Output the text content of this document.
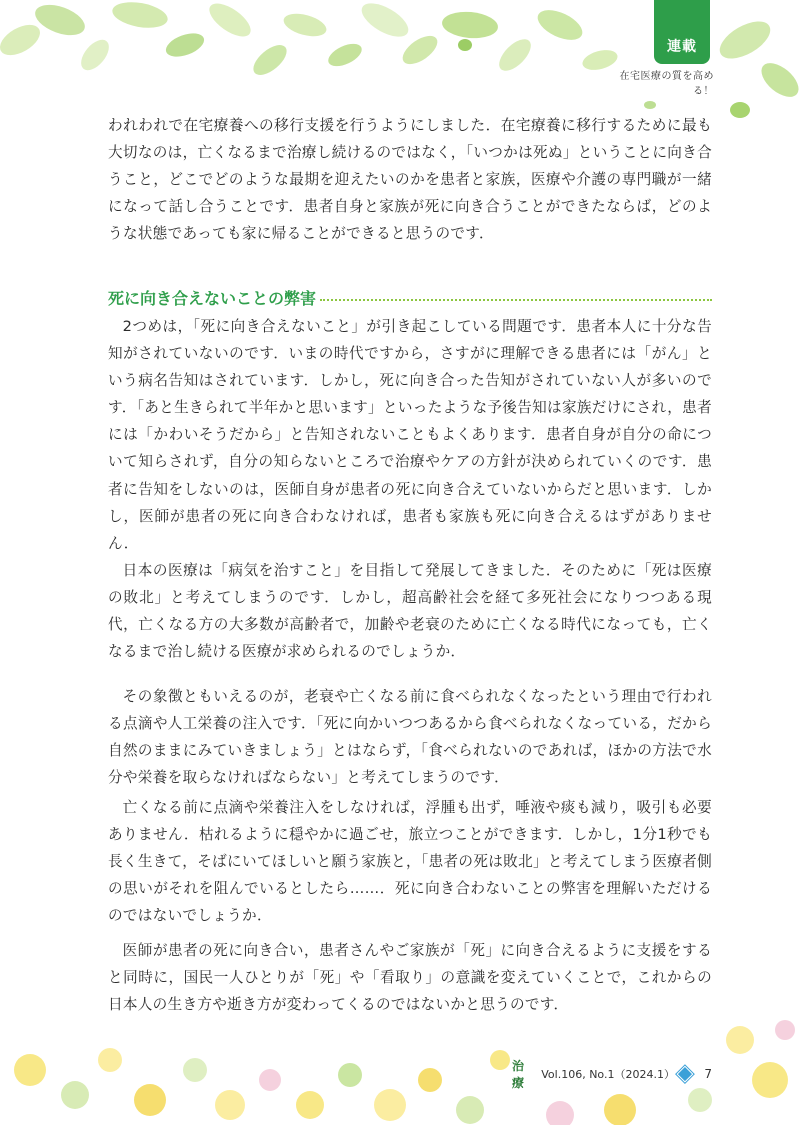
連載
在宅医療の質を高める！

われわれで在宅療養への移行支援を行うようにしました．在宅療養に移行するために最も大切なのは，亡くなるまで治療し続けるのではなく，「いつかは死ぬ」ということに向き合うこと，どこでどのような最期を迎えたいのかを患者と家族，医療や介護の専門職が一緒になって話し合うことです．患者自身と家族が死に向き合うことができたならば，どのような状態であっても家に帰ることができると思うのです．

死に向き合えないことの弊害

2つめは，「死に向き合えないこと」が引き起こしている問題です．患者本人に十分な告知がされていないのです．いまの時代ですから，さすがに理解できる患者には「がん」という病名告知はされています．しかし，死に向き合った告知がされていない人が多いのです．「あと生きられて半年かと思います」といったような予後告知は家族だけにされ，患者には「かわいそうだから」と告知されないこともよくあります．患者自身が自分の命について知らされず，自分の知らないところで治療やケアの方針が決められていくのです．患者に告知をしないのは，医師自身が患者の死に向き合えていないからだと思います．しかし，医師が患者の死に向き合わなければ，患者も家族も死に向き合えるはずがありません．

日本の医療は「病気を治すこと」を目指して発展してきました．そのために「死は医療の敗北」と考えてしまうのです．しかし，超高齢社会を経て多死社会になりつつある現代，亡くなる方の大多数が高齢者で，加齢や老衰のために亡くなる時代になっても，亡くなるまで治し続ける医療が求められるのでしょうか．

その象徴ともいえるのが，老衰や亡くなる前に食べられなくなったという理由で行われる点滴や人工栄養の注入です．「死に向かいつつあるから食べられなくなっている，だから自然のままにみていきましょう」とはならず，「食べられないのであれば，ほかの方法で水分や栄養を取らなければならない」と考えてしまうのです．

亡くなる前に点滴や栄養注入をしなければ，浮腫も出ず，唾液や痰も減り，吸引も必要ありません．枯れるように穏やかに過ごせ，旅立つことができます．しかし，1分1秒でも長く生きて，そばにいてほしいと願う家族と，「患者の死は敗北」と考えてしまう医療者側の思いがそれを阻んでいるとしたら……．死に向き合わないことの弊害を理解いただけるのではないでしょうか．

医師が患者の死に向き合い，患者さんやご家族が「死」に向き合えるように支援をすると同時に，国民一人ひとりが「死」や「看取り」の意識を変えていくことで，これからの日本人の生き方や逝き方が変わってくるのではないかと思うのです．

治療
Vol.106, No.1（2024.1） 7
